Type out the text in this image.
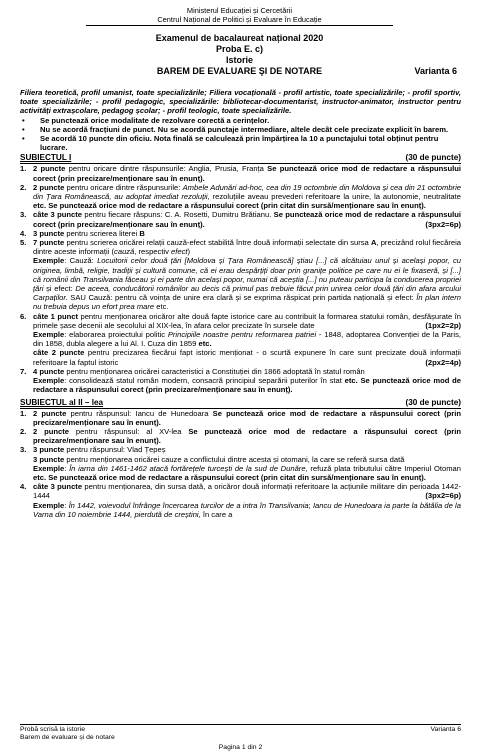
Ministerul Educației și Cercetării
Centrul Național de Politici și Evaluare în Educație
Examenul de bacalaureat național 2020
Proba E. c)
Istorie
BAREM DE EVALUARE ŞI DE NOTARE	Varianta 6
Filiera teoretică, profil umanist, toate specializările; Filiera vocațională - profil artistic, toate specializările; - profil sportiv, toate specializările; - profil pedagogic, specializările: bibliotecar-documentarist, instructor-animator, instructor pentru activități extrașcolare, pedagog școlar; - profil teologic, toate specializările.
• Se punctează orice modalitate de rezolvare corectă a cerințelor.
• Nu se acordă fracțiuni de punct. Nu se acordă punctaje intermediare, altele decât cele precizate explicit în barem.
• Se acordă 10 puncte din oficiu. Nota finală se calculează prin împărțirea la 10 a punctajului total obținut pentru lucrare.
SUBIECTUL I	(30 de puncte)
1. 2 puncte pentru oricare dintre răspunsurile: Anglia, Prusia, Franța Se punctează orice mod de redactare a răspunsului corect (prin precizare/menționare sau în enunț).
2. 2 puncte pentru oricare dintre răspunsurile: Ambele Adunări ad-hoc, cea din 19 octombrie din Moldova și cea din 21 octombrie din Țara Românească, au adoptat imediat rezoluții, rezoluțiile aveau prevederi referitoare la unire, la autonomie, neutralitate etc. Se punctează orice mod de redactare a răspunsului corect (prin citat din sursă/menționare sau în enunț).
3. câte 3 puncte pentru fiecare răspuns: C. A. Rosetti, Dumitru Brătianu. Se punctează orice mod de redactare a răspunsului corect (prin precizare/menționare sau în enunț).	(3px2=6p)
4. 3 puncte pentru scrierea literei B
5. 7 puncte pentru scrierea oricărei relații cauză-efect stabilită între două informații selectate din sursa A, precizând rolul fiecăreia dintre aceste informații (cauză, respectiv efect)
Exemple: Cauză: Locuitorii celor două țări [Moldova și Țara Românească] știau [...] că alcătuiau unul și același popor, cu originea, limbă, religie, tradiții și cultură comune, că ei erau despărțiți doar prin granițe politice pe care nu ei le fixaseră, și [...] că românii din Transilvania făceau și ei parte din același popor, numai că aceștia [...] nu puteau participa la conducerea propriei țări și efect: De aceea, conducătorii românilor au decis că primul pas trebuie făcut prin unirea celor două țări din afara arcului Carpaților. SAU Cauză: pentru că voința de unire era clară și se exprima răspicat prin partida națională și efect: În plan intern nu trebuia depus un efort prea mare etc.
6. câte 1 punct pentru menționarea oricăror alte două fapte istorice care au contribuit la formarea statului român, desfășurate în primele șase decenii ale secolului al XIX-lea, în afara celor precizate în sursele date	(1px2=2p)
Exemple: elaborarea proiectului politic Principiile noastre pentru reformarea patriei - 1848, adoptarea Convenției de la Paris, din 1858, dubla alegere a lui Al. I. Cuza din 1859 etc.
câte 2 puncte pentru precizarea fiecărui fapt istoric menționat - o scurtă expunere în care sunt precizate două informații referitoare la faptul istoric	(2px2=4p)
7. 4 puncte pentru menționarea oricărei caracteristici a Constituției din 1866 adoptată în statul român
Exemple: consolidează statul român modern, consacră principiul separării puterilor în stat etc. Se punctează orice mod de redactare a răspunsului corect (prin precizare/menționare sau în enunț).
SUBIECTUL al II – lea	(30 de puncte)
1. 2 puncte pentru răspunsul: Iancu de Hunedoara Se punctează orice mod de redactare a răspunsului corect (prin precizare/menționare sau în enunț).
2. 2 puncte pentru răspunsul: al XV-lea Se punctează orice mod de redactare a răspunsului corect (prin precizare/menționare sau în enunț).
3. 3 puncte pentru răspunsul: Vlad Țepeș
3 puncte pentru menționarea oricărei cauze a conflictului dintre acesta și otomani, la care se referă sursa dată
Exemple: În iarna din 1461-1462 atacă fortărețele turcești de la sud de Dunăre, refuză plata tributului către Imperiul Otoman etc. Se punctează orice mod de redactare a răspunsului corect (prin citat din sursă/menționare sau în enunț).
4. câte 3 puncte pentru menționarea, din sursa dată, a oricăror două informații referitoare la acțiunile militare din perioada 1442-1444	(3px2=6p)
Exemple: În 1442, voievodul înfrânge încercarea turcilor de a intra în Transilvania; Iancu de Hunedoara ia parte la bătălia de la Varna din 10 noiembrie 1444, pierdută de creștini, în care a
Probă scrisă la istorie	Varianta 6
Barem de evaluare și de notare
Pagina 1 din 2
